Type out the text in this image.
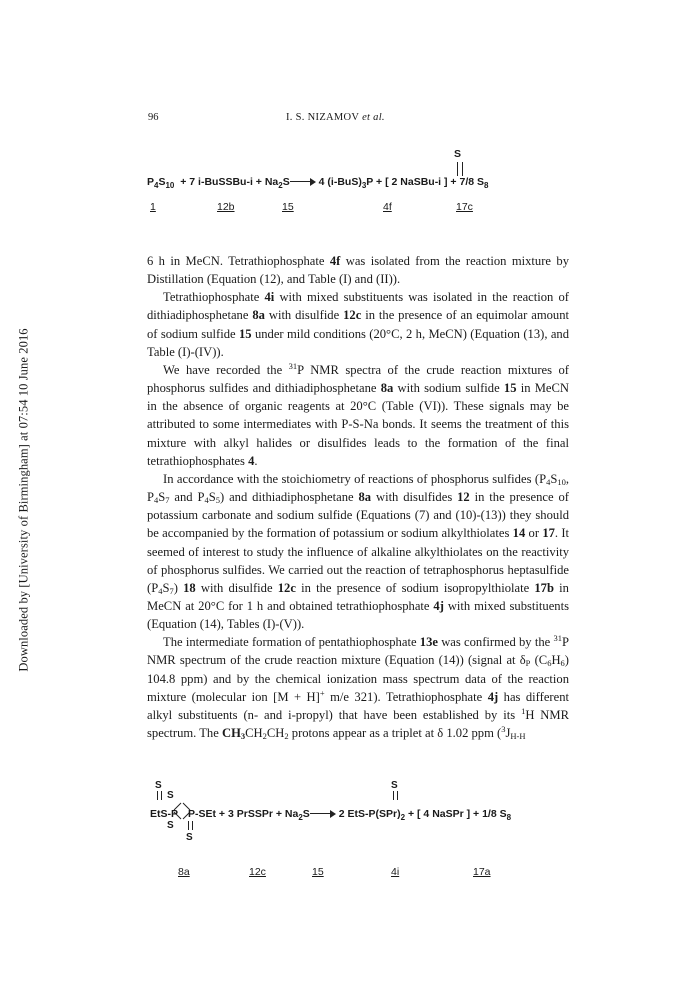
Downloaded by [University of Birmingham] at 07:54 10 June 2016
96	I. S. NIZAMOV et al.
S
$P_4S_{10} + 7$ i-BuSSBu-i + $Na_2S$	4 $(i-BuS)_3P$ + [ 2 NaSBu-i ] + 7/8 $S_8$
1	12b	15	4f	17c

6 h in MeCN. Tetrathiophosphate 4f was isolated from the reaction mixture by Distillation (Equation (12), and Table (I) and (II)).

Tetrathiophosphate 4i with mixed substituents was isolated in the reaction of dithiadiphosphetane 8a with disulfide 12c in the presence of an equimolar amount of sodium sulfide 15 under mild conditions (20°C, 2 h, MeCN) (Equation (13), and Table (I)-(IV)).

We have recorded the $^{31}$P NMR spectra of the crude reaction mixtures of phosphorus sulfides and dithiadiphosphetane 8a with sodium sulfide 15 in MeCN in the absence of organic reagents at 20°C (Table (VI)). These signals may be attributed to some intermediates with P-S-Na bonds. It seems the treatment of this mixture with alkyl halides or disulfides leads to the formation of the final tetrathiophosphates 4.

In accordance with the stoichiometry of reactions of phosphorus sulfides ($P_4S_{10}$, $P_4S_7$ and $P_4S_5$) and dithiadiphosphetane 8a with disulfides 12 in the presence of potassium carbonate and sodium sulfide (Equations (7) and (10)-(13)) they should be accompanied by the formation of potassium or sodium alkylthiolates 14 or 17. It seemed of interest to study the influence of alkaline alkylthiolates on the reactivity of phosphorus sulfides. We carried out the reaction of tetraphosphorus heptasulfide $(P_4S_7)$ 18 with disulfide 12c in the presence of sodium isopropylthiolate 17b in MeCN at 20°C for 1 h and obtained tetrathiophosphate 4j with mixed substituents (Equation (14), Tables (I)-(V)).

The intermediate formation of pentathiophosphate 13e was confirmed by the $^{31}$P NMR spectrum of the crude reaction mixture (Equation (14)) (signal at $\delta_P$ $(C_6H_6)$ 104.8 ppm) and by the chemical ionization mass spectrum data of the reaction mixture (molecular ion [M + H]+ m/e 321). Tetrathiophosphate 4j has different alkyl substituents (n- and i-propyl) that have been established by its $^1$H NMR spectrum. The $CH_3CH_2CH_2$ protons appear as a triplet at δ 1.02 ppm ($^3J_{H-H}$

S
S
S
S
S
EtS-P P-SEt + 3 PrSSPr + $Na_2S$	2 EtS-$P(SPr)_2$ + [ 4 NaSPr ] + 1/8 $S_8$
8a	12c	15	4i	17a
